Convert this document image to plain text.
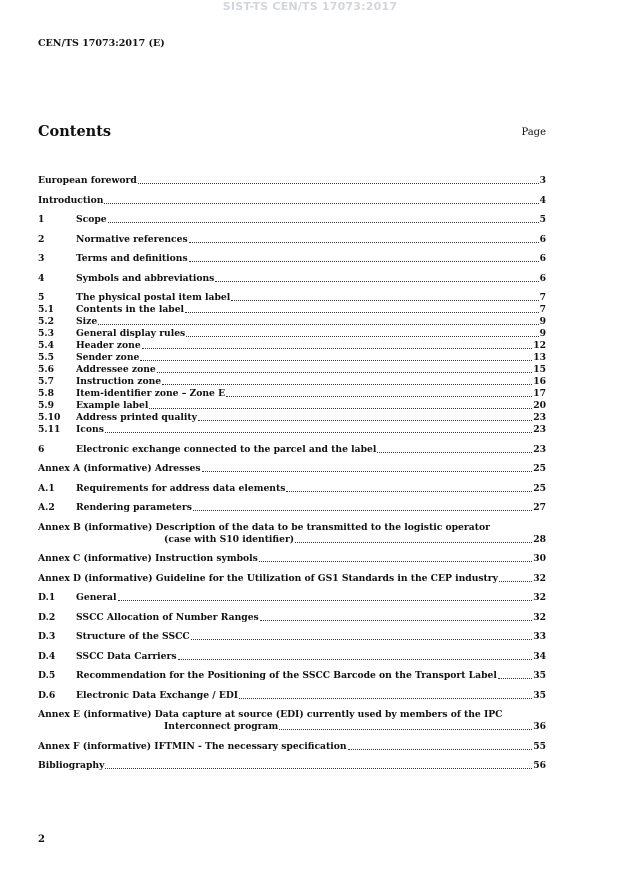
SIST-TS CEN/TS 17073:2017
CEN/TS 17073:2017 (E)
Contents	Page
European foreword	3
Introduction	4
1	Scope	5
2	Normative references	6
3	Terms and definitions	6
4	Symbols and abbreviations	6
5	The physical postal item label	7
5.1	Contents in the label	7
5.2	Size	9
5.3	General display rules	9
5.4	Header zone	12
5.5	Sender zone	13
5.6	Addressee zone	15
5.7	Instruction zone	16
5.8	Item-identifier zone – Zone E	17
5.9	Example label	20
5.10	Address printed quality	23
5.11	Icons	23
6	Electronic exchange connected to the parcel and the label	23
Annex A (informative) Adresses	25
A.1	Requirements for address data elements	25
A.2	Rendering parameters	27
Annex B (informative) Description of the data to be transmitted to the logistic operator
(case with S10 identifier)	28
Annex C (informative) Instruction symbols	30
Annex D (informative) Guideline for the Utilization of GS1 Standards in the CEP industry	32
D.1	General	32
D.2	SSCC Allocation of Number Ranges	32
D.3	Structure of the SSCC	33
D.4	SSCC Data Carriers	34
D.5	Recommendation for the Positioning of the SSCC Barcode on the Transport Label	35
D.6	Electronic Data Exchange / EDI	35
Annex E (informative) Data capture at source (EDI) currently used by members of the IPC
Interconnect program	36
Annex F (informative) IFTMIN - The necessary specification	55
Bibliography	56
2
